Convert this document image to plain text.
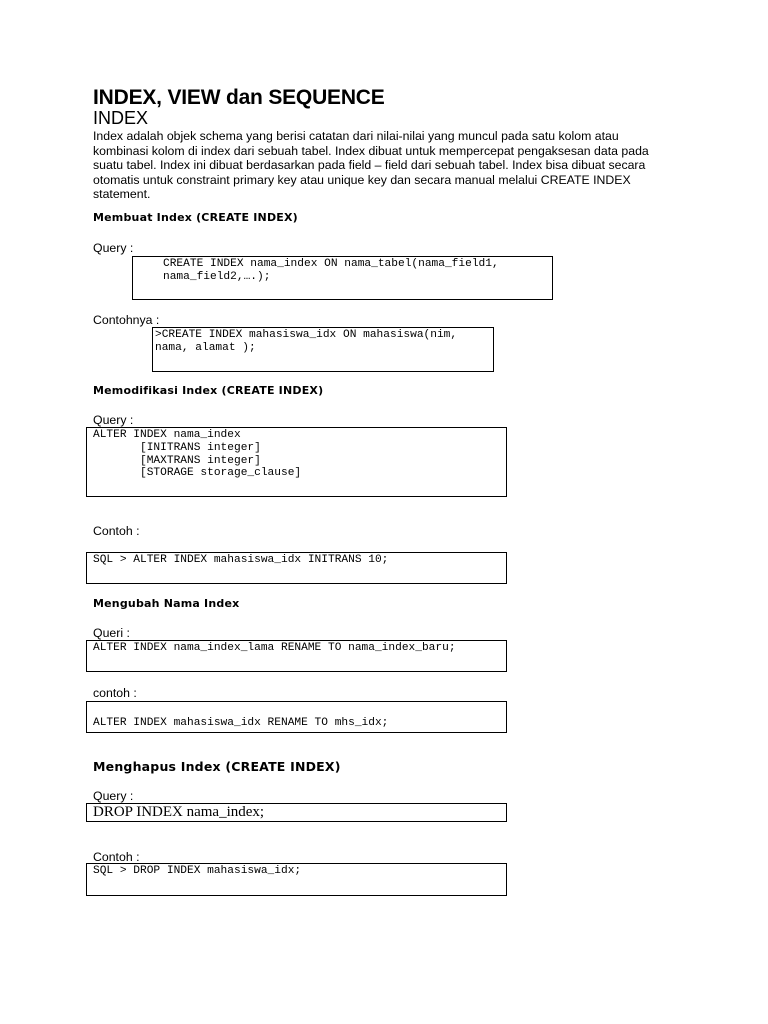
INDEX, VIEW dan SEQUENCE
INDEX
Index adalah objek schema yang berisi catatan dari nilai-nilai yang muncul pada satu kolom atau kombinasi kolom di index dari sebuah tabel. Index dibuat untuk mempercepat pengaksesan data pada suatu tabel. Index ini dibuat berdasarkan pada field – field dari sebuah tabel. Index bisa dibuat secara otomatis untuk constraint primary key atau unique key dan secara manual melalui CREATE INDEX statement.
Membuat Index (CREATE INDEX)
Query :
CREATE INDEX nama_index ON nama_tabel(nama_field1,
nama_field2,….);
Contohnya :
>CREATE INDEX mahasiswa_idx ON mahasiswa(nim,
nama, alamat );
Memodifikasi Index (CREATE INDEX)
Query :
ALTER INDEX nama_index
[INITRANS integer]
[MAXTRANS integer]
[STORAGE storage_clause]
Contoh :
SQL > ALTER INDEX mahasiswa_idx INITRANS 10;
Mengubah Nama Index
Queri :
ALTER INDEX nama_index_lama RENAME TO nama_index_baru;
contoh :
ALTER INDEX mahasiswa_idx RENAME TO mhs_idx;
Menghapus Index (CREATE INDEX)
Query :
DROP INDEX nama_index;
Contoh :
SQL > DROP INDEX mahasiswa_idx;
